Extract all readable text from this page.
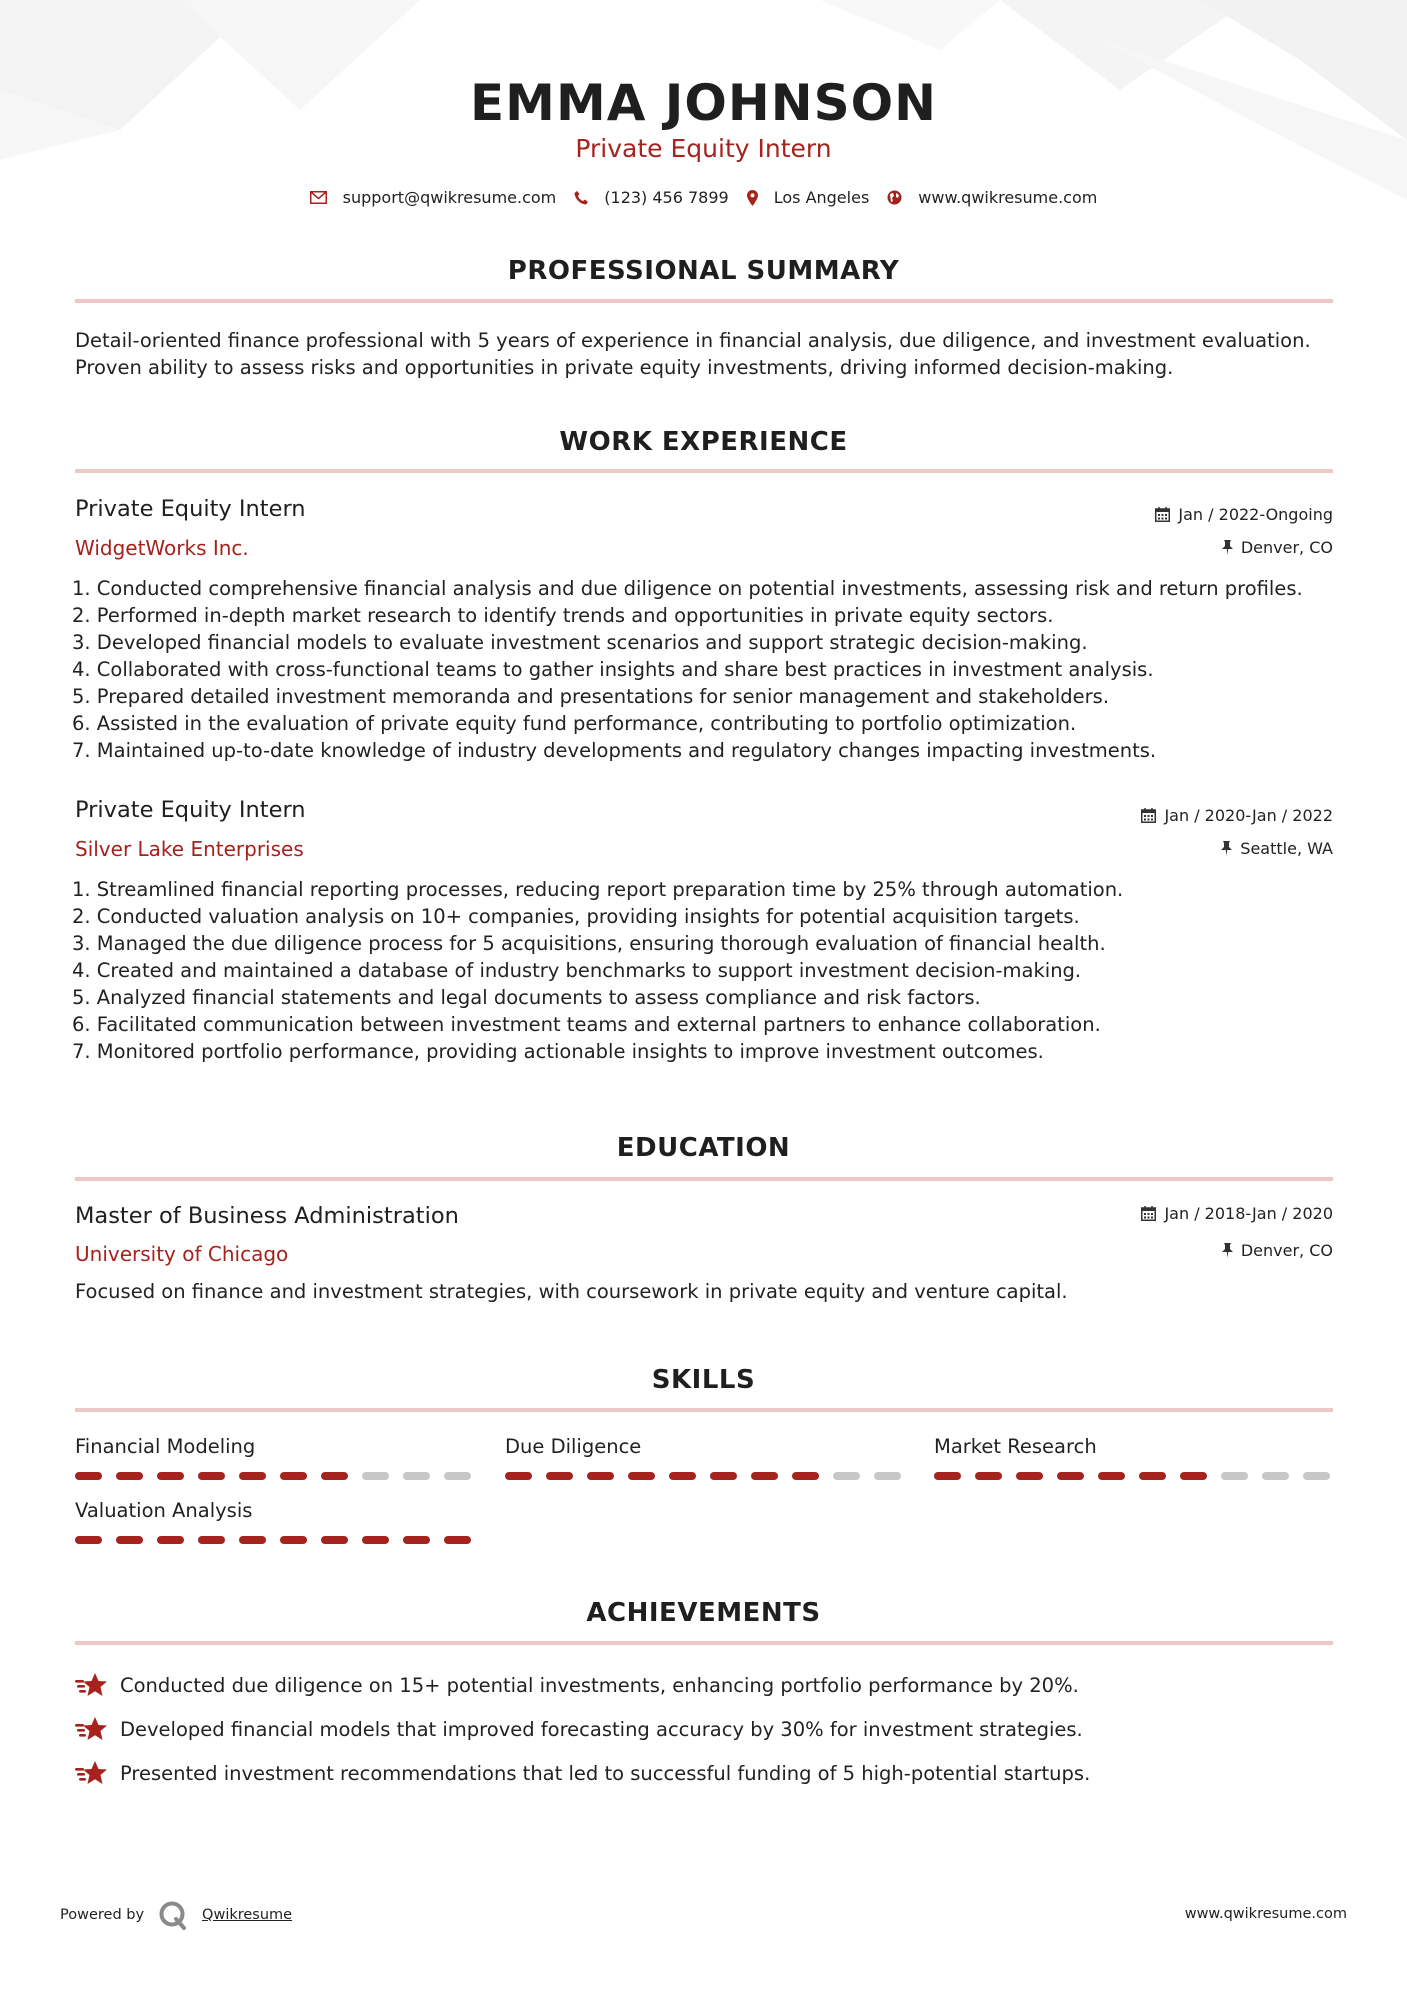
EMMA JOHNSON
Private Equity Intern
support@qwikresume.com	(123) 456 7899	Los Angeles	www.qwikresume.com
PROFESSIONAL SUMMARY
Detail-oriented finance professional with 5 years of experience in financial analysis, due diligence, and investment evaluation.
Proven ability to assess risks and opportunities in private equity investments, driving informed decision-making.
WORK EXPERIENCE
Private Equity Intern
WidgetWorks Inc.
Jan / 2022-Ongoing
Denver, CO
1. Conducted comprehensive financial analysis and due diligence on potential investments, assessing risk and return profiles.
2. Performed in-depth market research to identify trends and opportunities in private equity sectors.
3. Developed financial models to evaluate investment scenarios and support strategic decision-making.
4. Collaborated with cross-functional teams to gather insights and share best practices in investment analysis.
5. Prepared detailed investment memoranda and presentations for senior management and stakeholders.
6. Assisted in the evaluation of private equity fund performance, contributing to portfolio optimization.
7. Maintained up-to-date knowledge of industry developments and regulatory changes impacting investments.
Private Equity Intern
Silver Lake Enterprises
Jan / 2020-Jan / 2022
Seattle, WA
1. Streamlined financial reporting processes, reducing report preparation time by 25% through automation.
2. Conducted valuation analysis on 10+ companies, providing insights for potential acquisition targets.
3. Managed the due diligence process for 5 acquisitions, ensuring thorough evaluation of financial health.
4. Created and maintained a database of industry benchmarks to support investment decision-making.
5. Analyzed financial statements and legal documents to assess compliance and risk factors.
6. Facilitated communication between investment teams and external partners to enhance collaboration.
7. Monitored portfolio performance, providing actionable insights to improve investment outcomes.
EDUCATION
Master of Business Administration
University of Chicago
Jan / 2018-Jan / 2020
Denver, CO
Focused on finance and investment strategies, with coursework in private equity and venture capital.
SKILLS
Financial Modeling	Due Diligence	Market Research
Valuation Analysis
ACHIEVEMENTS
Conducted due diligence on 15+ potential investments, enhancing portfolio performance by 20%.
Developed financial models that improved forecasting accuracy by 30% for investment strategies.
Presented investment recommendations that led to successful funding of 5 high-potential startups.
Powered by	Qwikresume	www.qwikresume.com
